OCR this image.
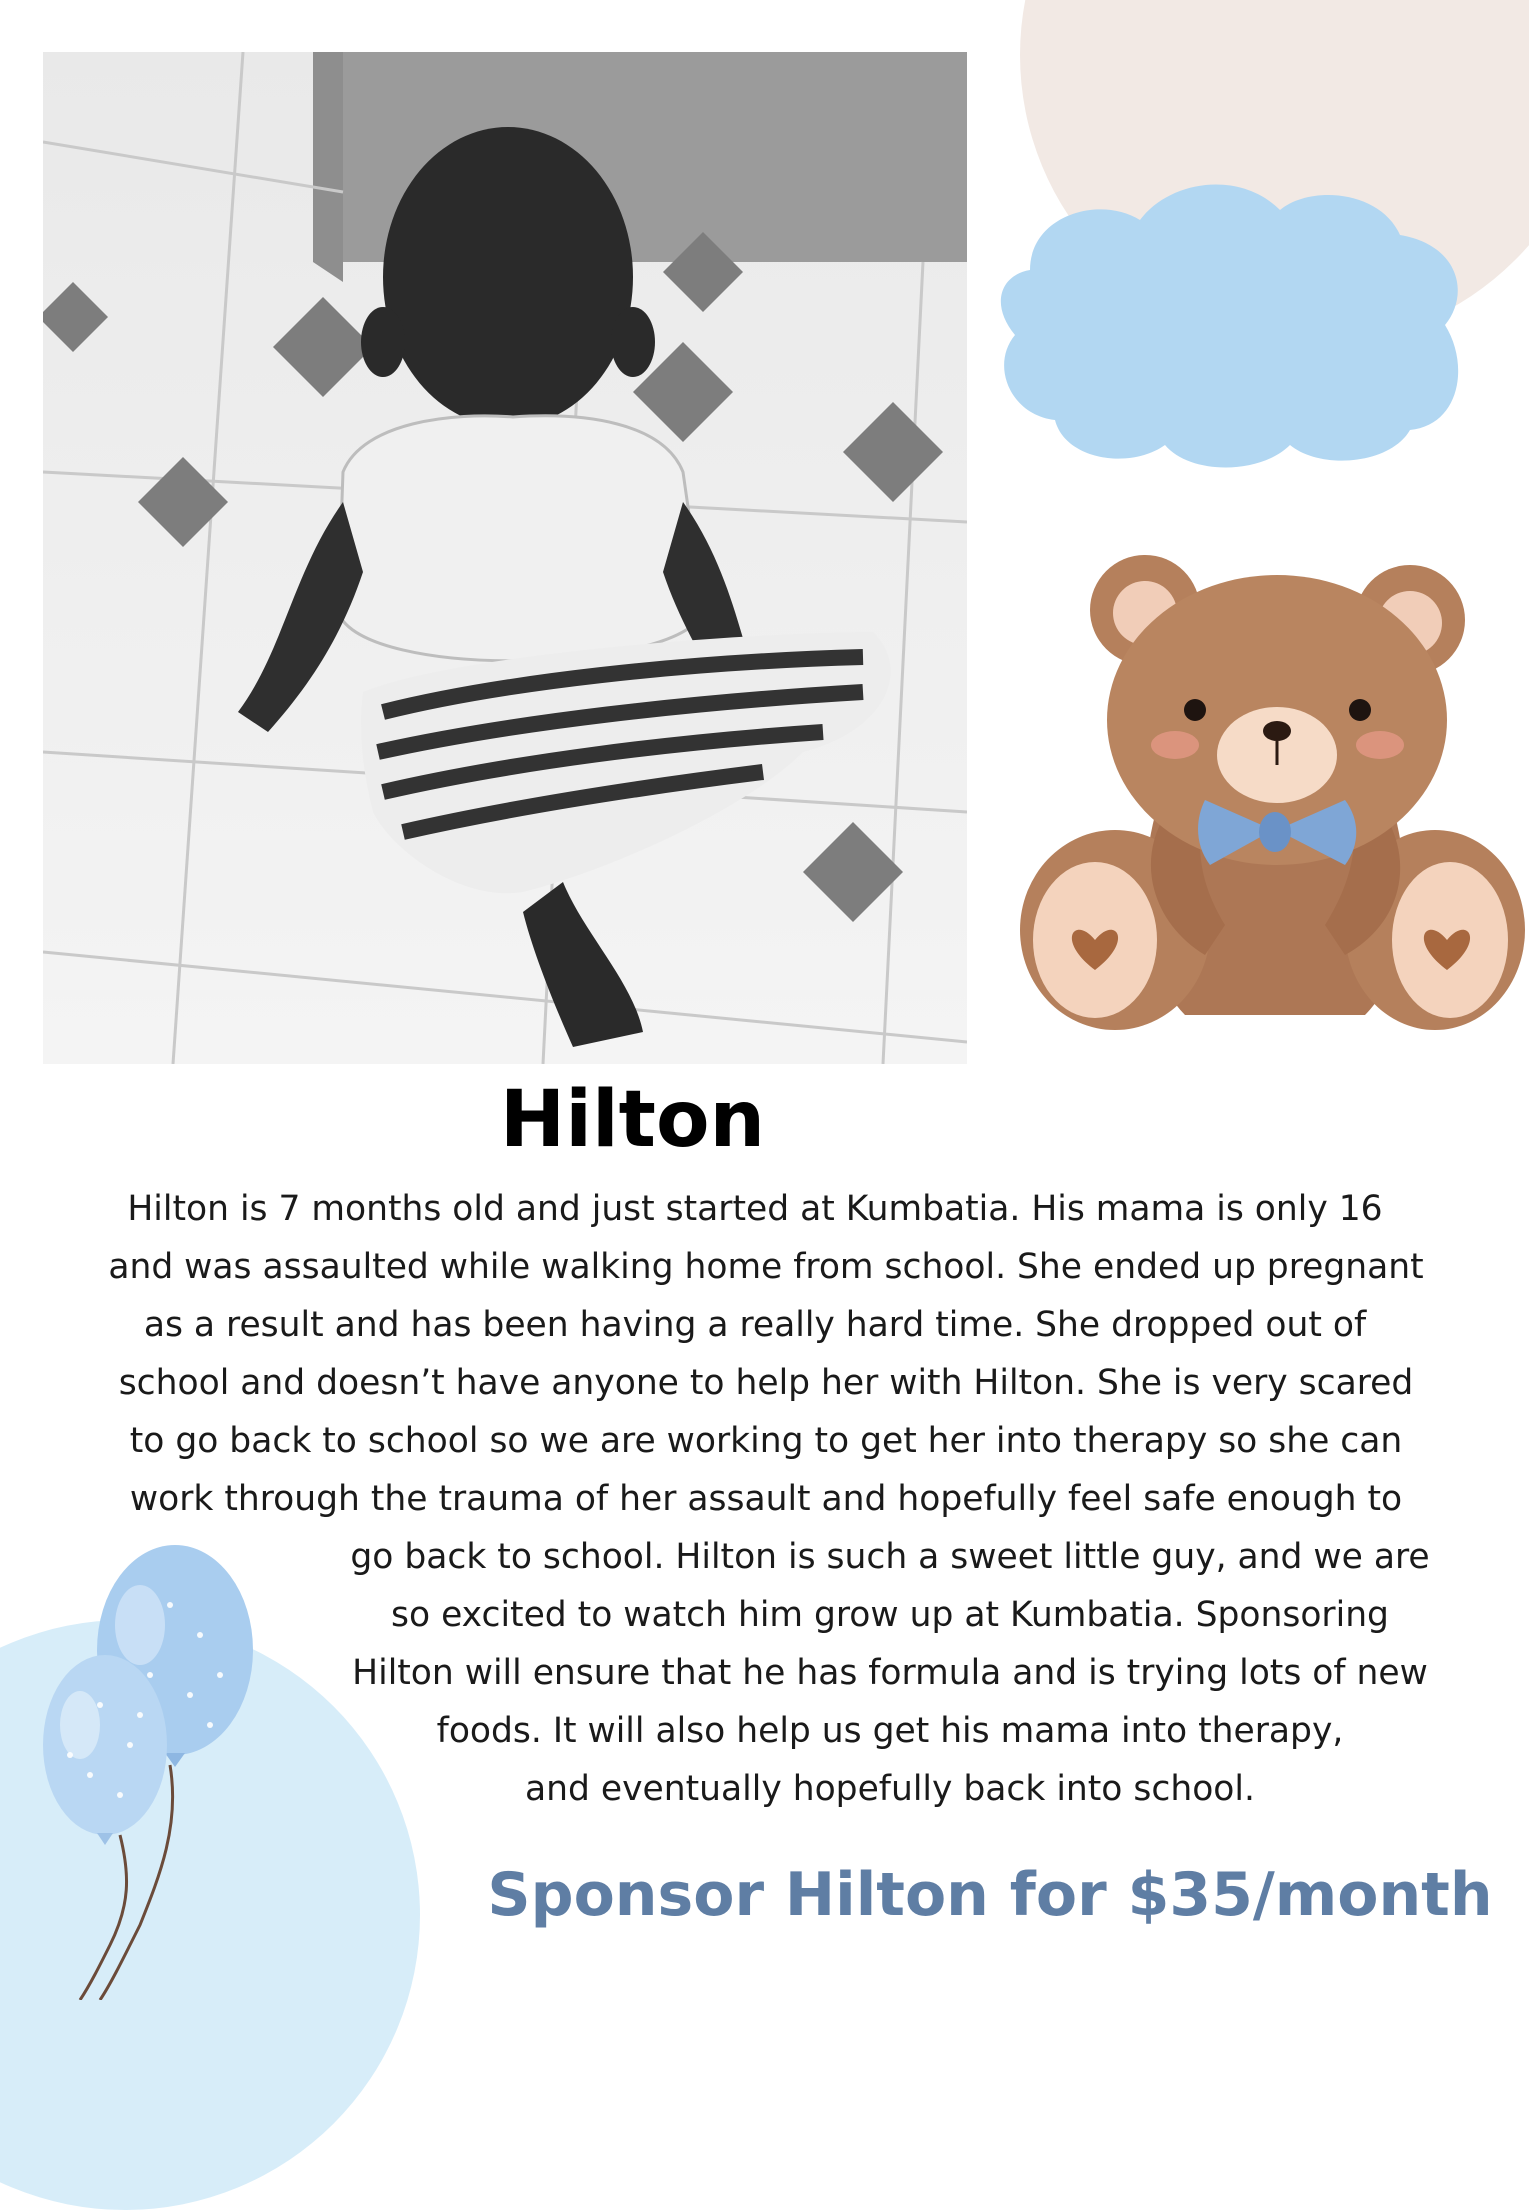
Hilton
Hilton is 7 months old and just started at Kumbatia. His mama is only 16
and was assaulted while walking home from school. She ended up pregnant
as a result and has been having a really hard time. She dropped out of
school and doesn’t have anyone to help her with Hilton. She is very scared
to go back to school so we are working to get her into therapy so she can
work through the trauma of her assault and hopefully feel safe enough to
go back to school. Hilton is such a sweet little guy, and we are
so excited to watch him grow up at Kumbatia. Sponsoring
Hilton will ensure that he has formula and is trying lots of new
foods. It will also help us get his mama into therapy,
and eventually hopefully back into school.
Sponsor Hilton for $35/month
